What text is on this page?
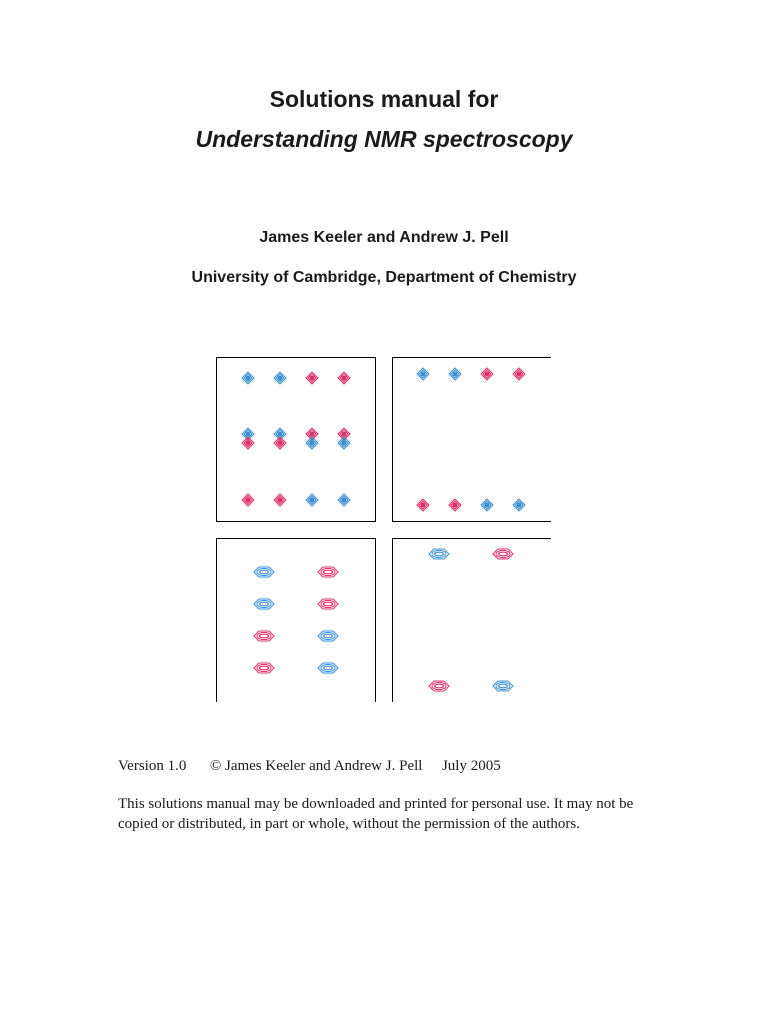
Solutions manual for
Understanding NMR spectroscopy
James Keeler and Andrew J. Pell
University of Cambridge, Department of Chemistry
Version 1.0 © James Keeler and Andrew J. Pell July 2005
This solutions manual may be downloaded and printed for personal use. It may not be copied or distributed, in part or whole, without the permission of the authors.
